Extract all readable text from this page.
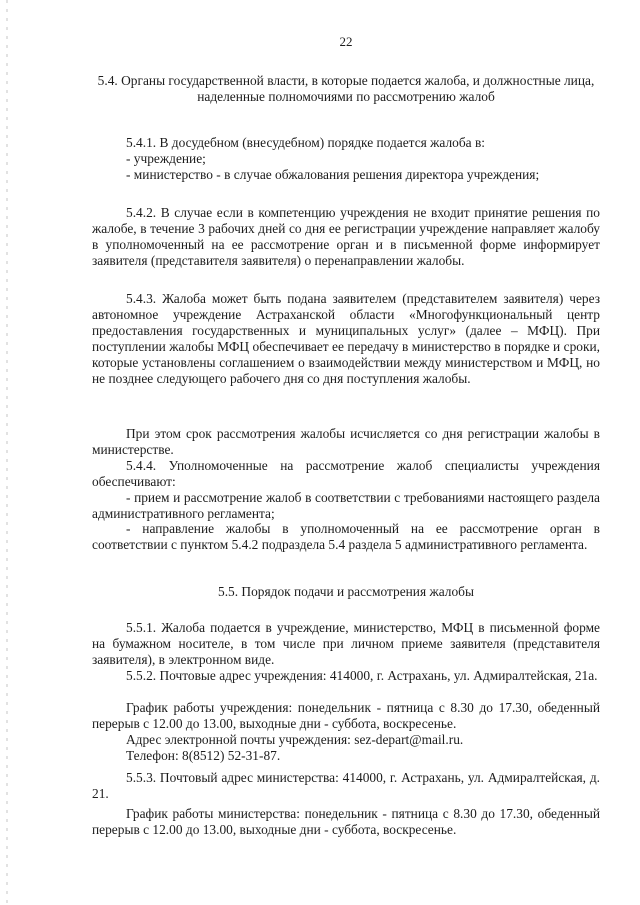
22
5.4. Органы государственной власти, в которые подается жалоба, и должностные лица, наделенные полномочиями по рассмотрению жалоб
5.4.1. В досудебном (внесудебном) порядке подается жалоба в:
- учреждение;
- министерство - в случае обжалования решения директора учреждения;
5.4.2. В случае если в компетенцию учреждения не входит принятие решения по жалобе, в течение 3 рабочих дней со дня ее регистрации учреждение направляет жалобу в уполномоченный на ее рассмотрение орган и в письменной форме информирует заявителя (представителя заявителя) о перенаправлении жалобы.
5.4.3. Жалоба может быть подана заявителем (представителем заявителя) через автономное учреждение Астраханской области «Многофункциональный центр предоставления государственных и муниципальных услуг» (далее – МФЦ). При поступлении жалобы МФЦ обеспечивает ее передачу в министерство в порядке и сроки, которые установлены соглашением о взаимодействии между министерством и МФЦ, но не позднее следующего рабочего дня со дня поступления жалобы.
При этом срок рассмотрения жалобы исчисляется со дня регистрации жалобы в министерстве.
5.4.4. Уполномоченные на рассмотрение жалоб специалисты учреждения обеспечивают:
- прием и рассмотрение жалоб в соответствии с требованиями настоящего раздела административного регламента;
- направление жалобы в уполномоченный на ее рассмотрение орган в соответствии с пунктом 5.4.2 подраздела 5.4 раздела 5 административного регламента.
5.5. Порядок подачи и рассмотрения жалобы
5.5.1. Жалоба подается в учреждение, министерство, МФЦ в письменной форме на бумажном носителе, в том числе при личном приеме заявителя (представителя заявителя), в электронном виде.
5.5.2. Почтовые адрес учреждения: 414000, г. Астрахань, ул. Адмиралтейская, 21а.
График работы учреждения: понедельник - пятница с 8.30 до 17.30, обеденный перерыв с 12.00 до 13.00, выходные дни - суббота, воскресенье.
Адрес электронной почты учреждения: sez-depart@mail.ru.
Телефон: 8(8512) 52-31-87.
5.5.3. Почтовый адрес министерства: 414000, г. Астрахань, ул. Адмиралтейская, д. 21.
График работы министерства: понедельник - пятница с 8.30 до 17.30, обеденный перерыв с 12.00 до 13.00, выходные дни - суббота, воскресенье.
